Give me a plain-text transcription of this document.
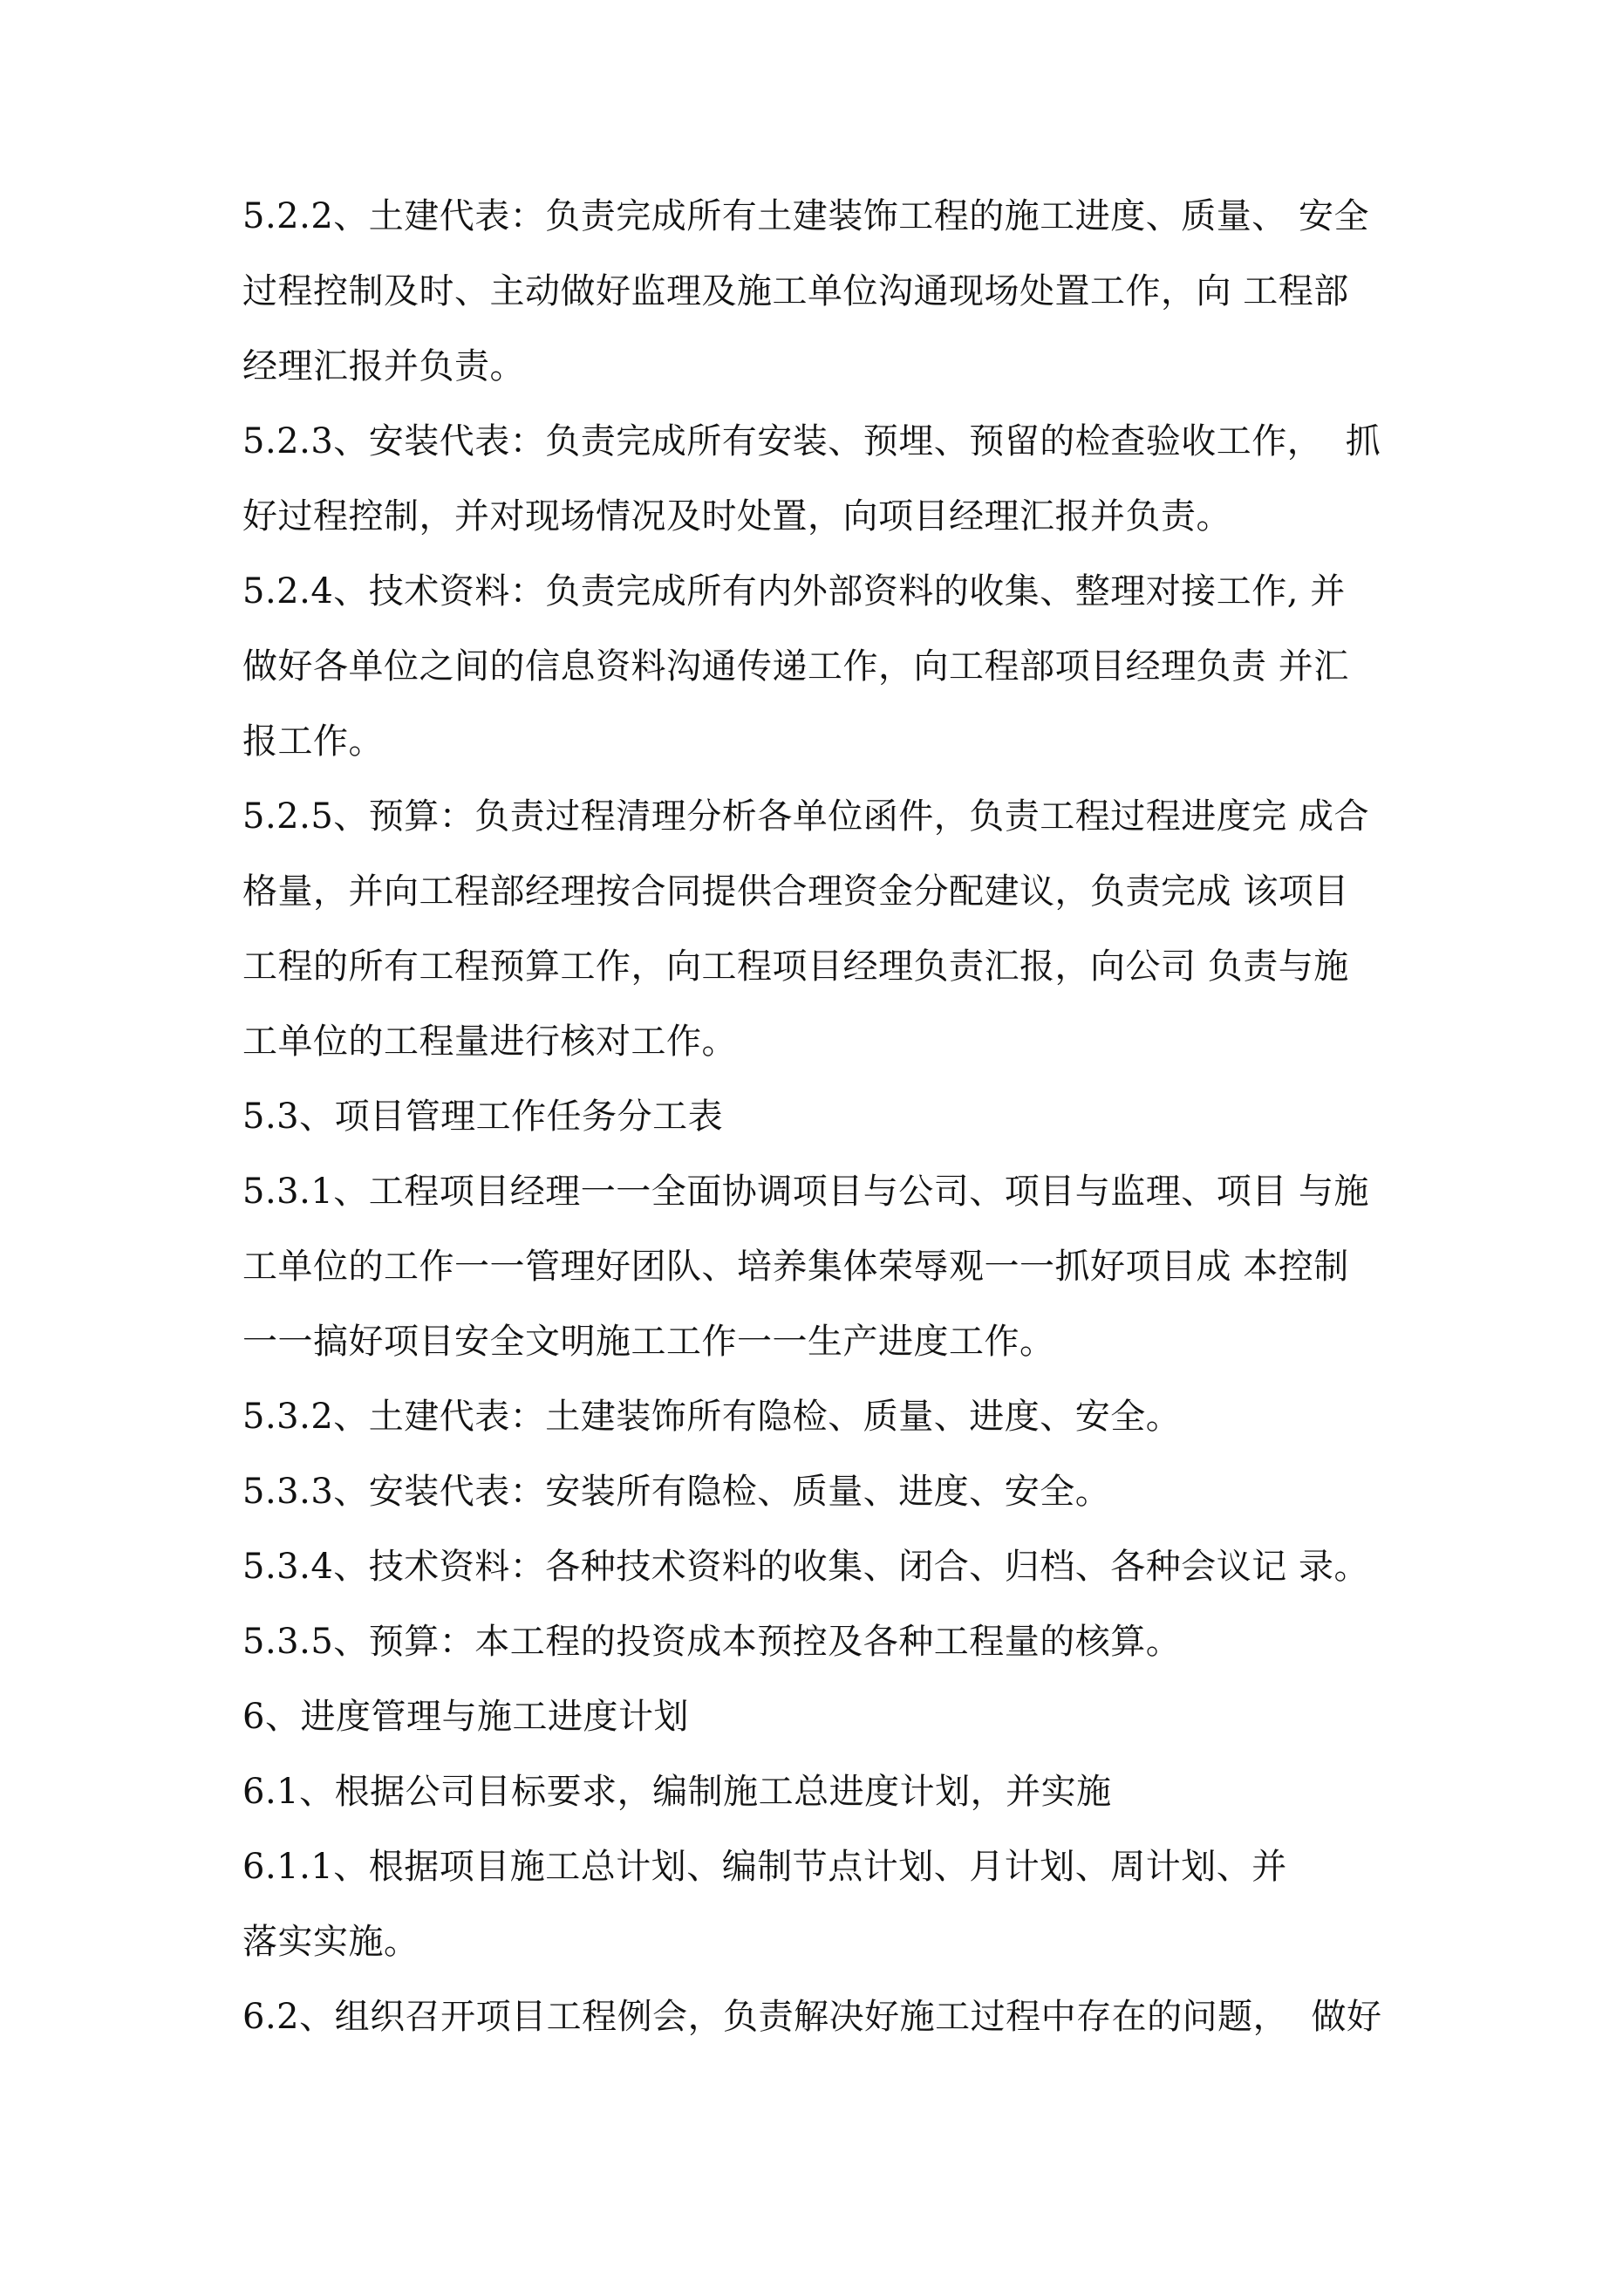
5.2.2、土建代表：负责完成所有土建装饰工程的施工进度、质量、 安全
过程控制及时、主动做好监理及施工单位沟通现场处置工作，向 工程部
经理汇报并负责。
5.2.3、安装代表：负责完成所有安装、预埋、预留的检查验收工作，  抓
好过程控制，并对现场情况及时处置，向项目经理汇报并负责。
5.2.4、技术资料：负责完成所有内外部资料的收集、整理对接工作, 并
做好各单位之间的信息资料沟通传递工作，向工程部项目经理负责 并汇
报工作。
5.2.5、预算：负责过程清理分析各单位函件，负责工程过程进度完 成合
格量，并向工程部经理按合同提供合理资金分配建议，负责完成 该项目
工程的所有工程预算工作，向工程项目经理负责汇报，向公司 负责与施
工单位的工程量进行核对工作。
5.3、项目管理工作任务分工表
5.3.1、工程项目经理一一全面协调项目与公司、项目与监理、项目 与施
工单位的工作一一管理好团队、培养集体荣辱观一一抓好项目成 本控制
一一搞好项目安全文明施工工作一一生产进度工作。
5.3.2、土建代表：土建装饰所有隐检、质量、进度、安全。
5.3.3、安装代表：安装所有隐检、质量、进度、安全。
5.3.4、技术资料：各种技术资料的收集、闭合、归档、各种会议记 录。
5.3.5、预算：本工程的投资成本预控及各种工程量的核算。
6、进度管理与施工进度计划
6.1、根据公司目标要求，编制施工总进度计划，并实施
6.1.1、根据项目施工总计划、编制节点计划、月计划、周计划、并
落实实施。
6.2、组织召开项目工程例会，负责解决好施工过程中存在的问题，  做好
